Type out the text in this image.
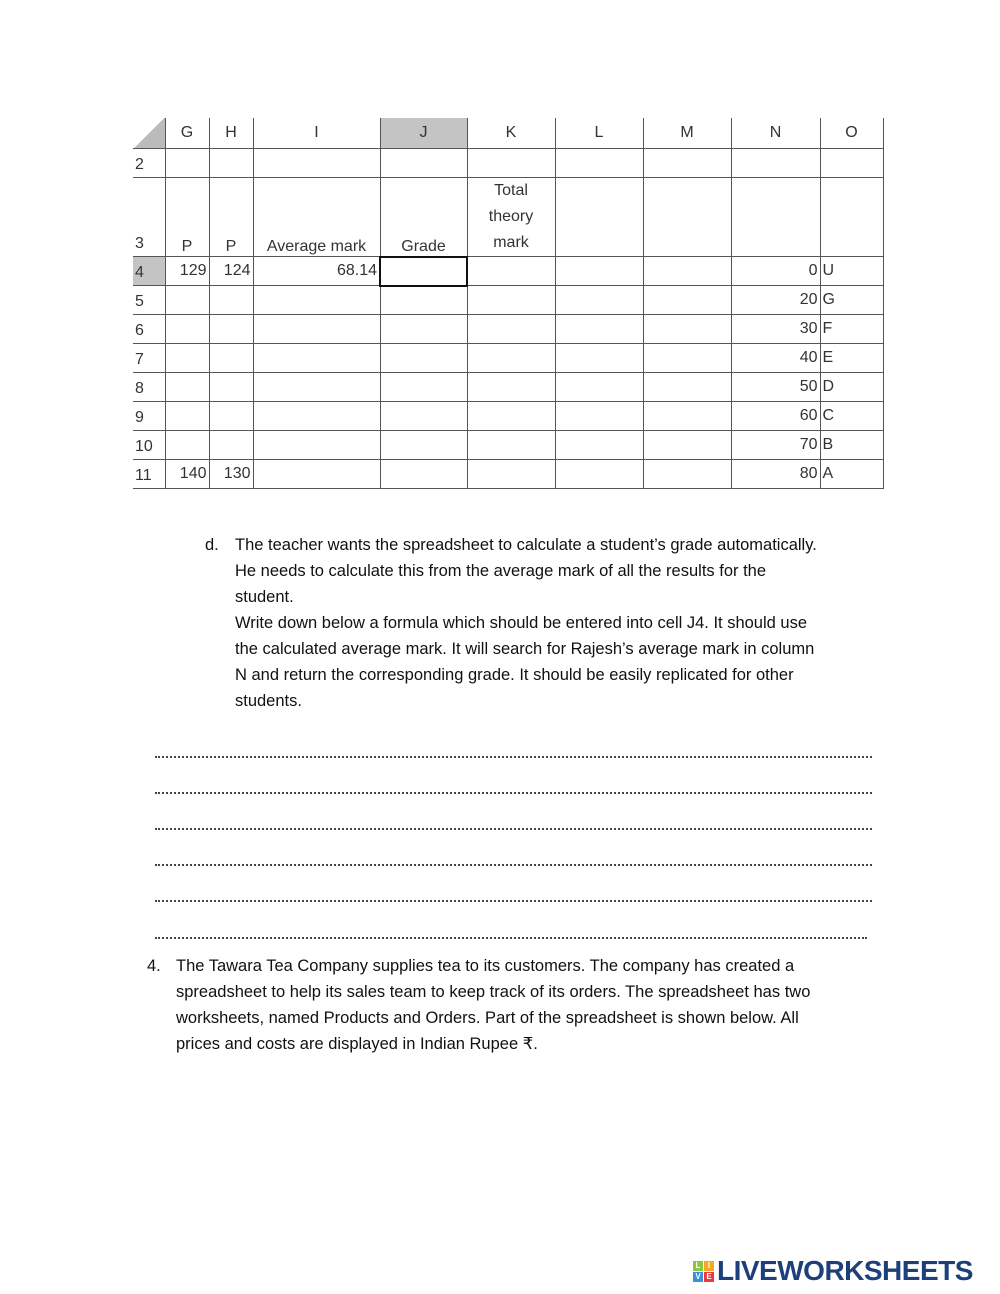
	G	H	I	J	K	L	M	N	O
2									
3	P	P	Average mark	Grade	Total
theory
mark				

4	129	124	68.14					0	U
5								20	G
6								30	F
7								40	E
8								50	D
9								60	C
10								70	B
11	140	130						80	A
d. The teacher wants the spreadsheet to calculate a student’s grade automatically.
He needs to calculate this from the average mark of all the results for the
student.
Write down below a formula which should be entered into cell J4. It should use
the calculated average mark. It will search for Rajesh’s average mark in column
N and return the corresponding grade. It should be easily replicated for other
students.
4. The Tawara Tea Company supplies tea to its customers. The company has created a
spreadsheet to help its sales team to keep track of its orders. The spreadsheet has two
worksheets, named Products and Orders. Part of the spreadsheet is shown below. All
prices and costs are displayed in Indian Rupee ₹.
L I
V E LIVEWORKSHEETS
